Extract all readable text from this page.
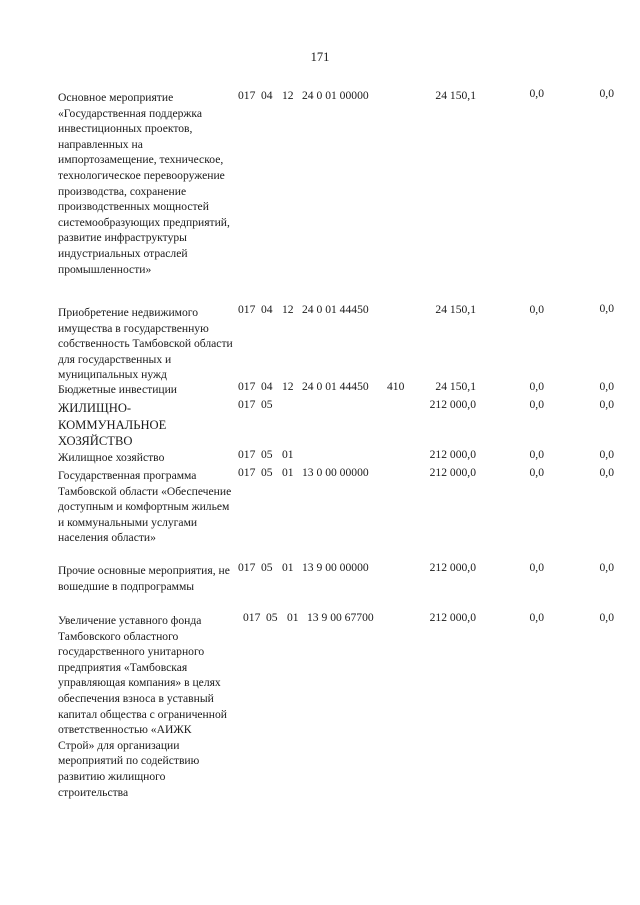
171
Основное мероприятие «Государственная поддержка инвестиционных проектов, направленных на импортозамещение, техническое, технологическое перевооружение производства, сохранение производственных мощностей системообразующих предприятий, развитие инфраструктуры индустриальных отраслей промышленности»
017 04 12 24 0 01 00000	24 150,1	0,0	0,0
Приобретение недвижимого имущества в государственную собственность Тамбовской области для государственных и муниципальных нужд
017 04 12 24 0 01 44450	24 150,1	0,0	0,0
Бюджетные инвестиции	017 04 12 24 0 01 44450 410	24 150,1	0,0	0,0
ЖИЛИЩНО-КОММУНАЛЬНОЕ ХОЗЯЙСТВО
017 05	212 000,0	0,0	0,0
Жилищное хозяйство	017 05 01	212 000,0	0,0	0,0
Государственная программа Тамбовской области «Обеспечение доступным и комфортным жильем и коммунальными услугами населения области»
017 05 01 13 0 00 00000	212 000,0	0,0	0,0
Прочие основные мероприятия, не вошедшие в подпрограммы
017 05 01 13 9 00 00000	212 000,0	0,0	0,0
Увеличение уставного фонда Тамбовского областного государственного унитарного предприятия «Тамбовская управляющая компания» в целях обеспечения взноса в уставный капитал общества с ограниченной ответственностью «АИЖК Строй» для организации мероприятий по содействию развитию жилищного строительства
017 05 01 13 9 00 67700	212 000,0	0,0	0,0
